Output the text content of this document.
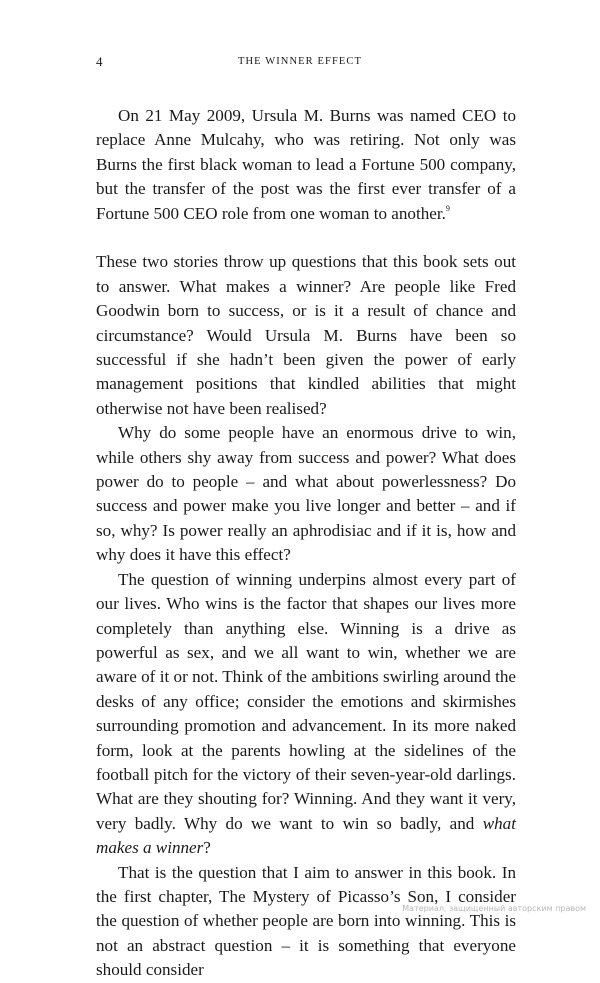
4	THE WINNER EFFECT

On 21 May 2009, Ursula M. Burns was named CEO to replace Anne Mulcahy, who was retiring. Not only was Burns the first black woman to lead a Fortune 500 company, but the transfer of the post was the first ever transfer of a Fortune 500 CEO role from one woman to another.$^9$

These two stories throw up questions that this book sets out to answer. What makes a winner? Are people like Fred Goodwin born to success, or is it a result of chance and circumstance? Would Ursula M. Burns have been so successful if she hadn’t been given the power of early management positions that kindled abilities that might otherwise not have been realised?

Why do some people have an enormous drive to win, while others shy away from success and power? What does power do to people – and what about powerlessness? Do success and power make you live longer and better – and if so, why? Is power really an aphrodisiac and if it is, how and why does it have this effect?

The question of winning underpins almost every part of our lives. Who wins is the factor that shapes our lives more completely than anything else. Winning is a drive as powerful as sex, and we all want to win, whether we are aware of it or not. Think of the ambitions swirling around the desks of any office; consider the emotions and skirmishes surrounding promotion and advancement. In its more naked form, look at the parents howling at the sidelines of the football pitch for the victory of their seven-year-old darlings. What are they shouting for? Winning. And they want it very, very badly. Why do we want to win so badly, and what makes a winner?

That is the question that I aim to answer in this book. In the first chapter, The Mystery of Picasso’s Son, I consider the question of whether people are born into winning. This is not an abstract question – it is something that everyone should consider

Материал, защищенный авторским правом
